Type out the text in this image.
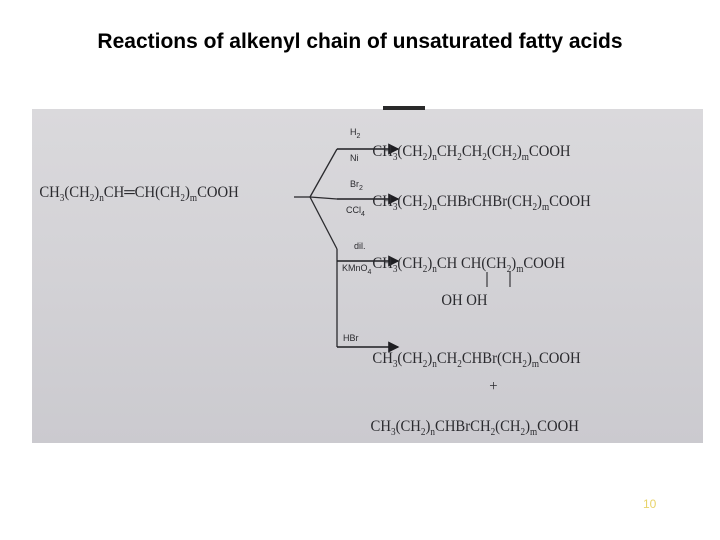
Reactions of alkenyl chain of unsaturated fatty acids
$CH_3(CH_2)_nCH═CH(CH_2)_mCOOH$
$H_2$
Ni
$Br_2$
CCl$_4$
dil.
KMnO$_4$
HBr
$CH_3(CH_2)_nCH_2CH_2(CH_2)_mCOOH$
$CH_3(CH_2)_nCHBrCHBr(CH_2)_mCOOH$
$CH_3(CH_2)_nCH$ $CH(CH_2)_mCOOH$
OH OH
$CH_3(CH_2)_nCH_2CHBr(CH_2)_mCOOH$
+
$CH_3(CH_2)_nCHBrCH_2(CH_2)_mCOOH$
10
